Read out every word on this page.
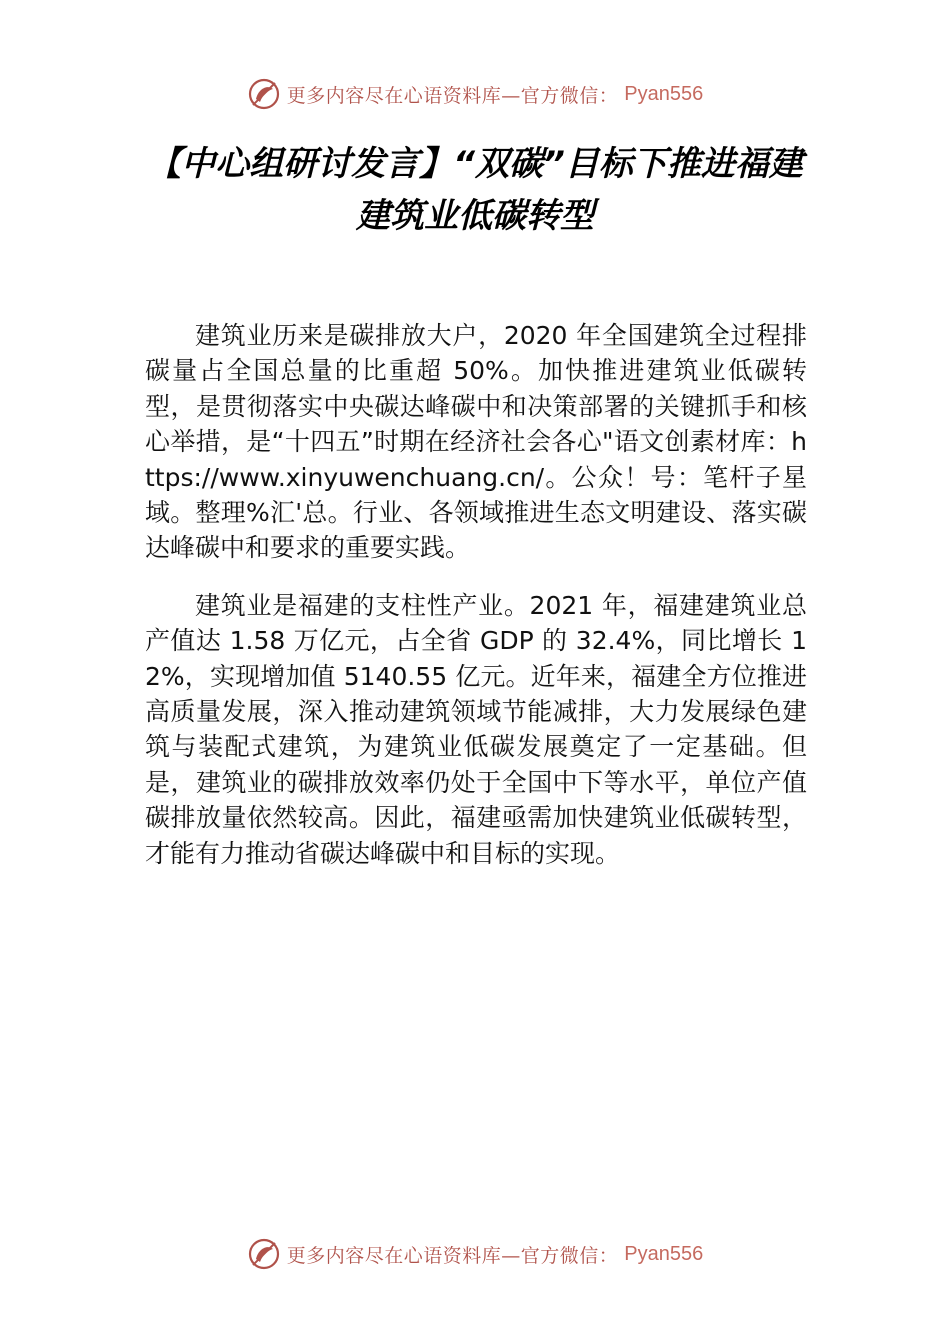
更多内容尽在心语资料库—官方微信： Pyan556
【中心组研讨发言】“双碳”目标下推进福建建筑业低碳转型

建筑业历来是碳排放大户，2020 年全国建筑全过程排碳量占全国总量的比重超 50%。加快推进建筑业低碳转型，是贯彻落实中央碳达峰碳中和决策部署的关键抓手和核心举措，是“十四五”时期在经济社会各心"语文创素材库：https://www.xinyuwenchuang.cn/。公众！号：笔杆子星域。整理%汇'总。行业、各领域推进生态文明建设、落实碳达峰碳中和要求的重要实践。

建筑业是福建的支柱性产业。2021 年，福建建筑业总产值达 1.58 万亿元，占全省 GDP 的 32.4%，同比增长 12%，实现增加值 5140.55 亿元。近年来，福建全方位推进高质量发展，深入推动建筑领域节能减排，大力发展绿色建筑与装配式建筑，为建筑业低碳发展奠定了一定基础。但是，建筑业的碳排放效率仍处于全国中下等水平，单位产值碳排放量依然较高。因此，福建亟需加快建筑业低碳转型，才能有力推动省碳达峰碳中和目标的实现。

更多内容尽在心语资料库—官方微信： Pyan556
